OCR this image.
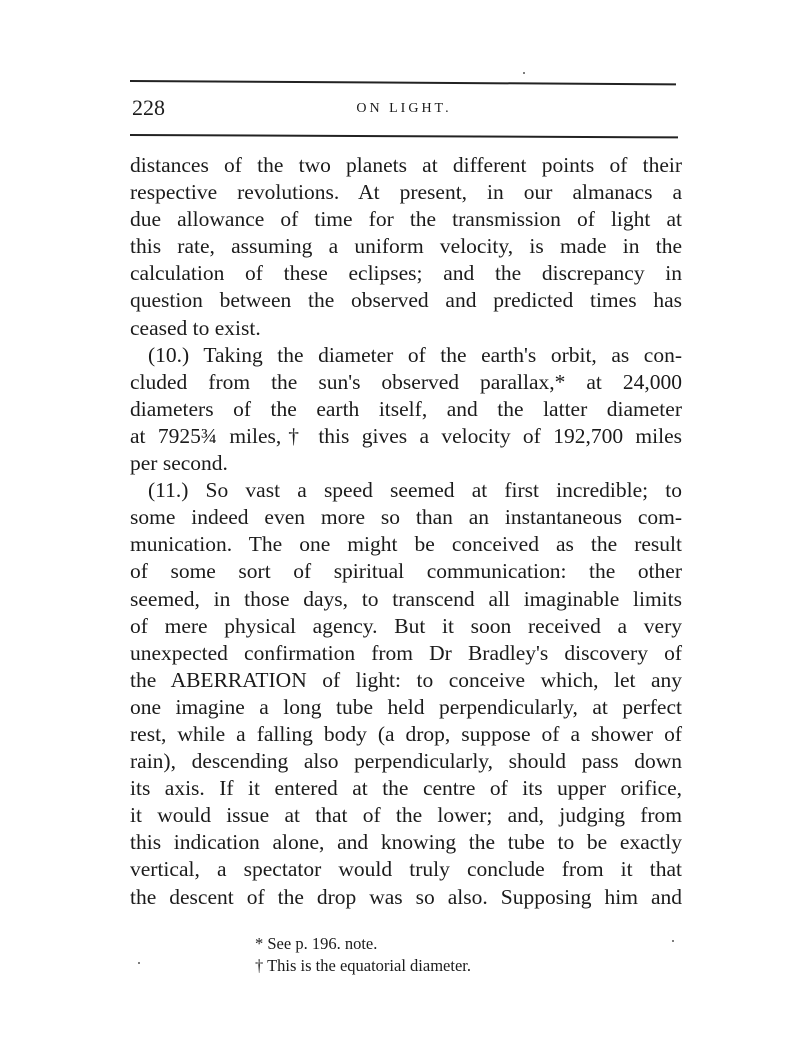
228	ON LIGHT.
distances of the two planets at different points of their
respective revolutions. At present, in our almanacs a
due allowance of time for the transmission of light at
this rate, assuming a uniform velocity, is made in the
calculation of these eclipses; and the discrepancy in
question between the observed and predicted times has
ceased to exist.
(10.) Taking the diameter of the earth's orbit, as con-
cluded from the sun's observed parallax,* at 24,000
diameters of the earth itself, and the latter diameter
at 7925¾ miles,† this gives a velocity of 192,700 miles
per second.
(11.) So vast a speed seemed at first incredible; to
some indeed even more so than an instantaneous com-
munication. The one might be conceived as the result
of some sort of spiritual communication: the other
seemed, in those days, to transcend all imaginable limits
of mere physical agency. But it soon received a very
unexpected confirmation from Dr Bradley's discovery of
the ABERRATION of light: to conceive which, let any
one imagine a long tube held perpendicularly, at perfect
rest, while a falling body (a drop, suppose of a shower of
rain), descending also perpendicularly, should pass down
its axis. If it entered at the centre of its upper orifice,
it would issue at that of the lower; and, judging from
this indication alone, and knowing the tube to be exactly
vertical, a spectator would truly conclude from it that
the descent of the drop was so also. Supposing him and
* See p. 196. note.
† This is the equatorial diameter.
